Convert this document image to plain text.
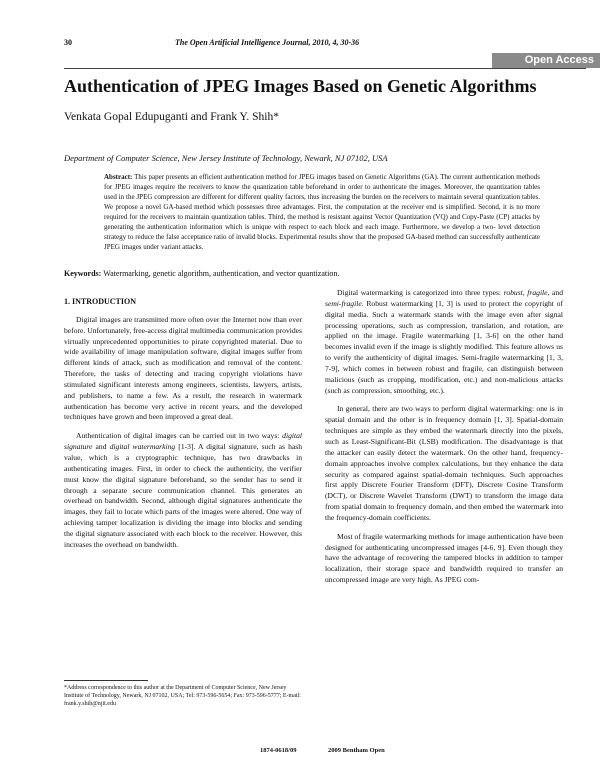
30	The Open Artificial Intelligence Journal, 2010, 4, 30-36
Open Access
Authentication of JPEG Images Based on Genetic Algorithms
Venkata Gopal Edupuganti and Frank Y. Shih*
Department of Computer Science, New Jersey Institute of Technology, Newark, NJ 07102, USA

Abstract: This paper presents an efficient authentication method for JPEG images based on Genetic Algorithms (GA). The current authentication methods for JPEG images require the receivers to know the quantization table beforehand in order to authenticate the images. Moreover, the quantization tables used in the JPEG compression are different for different quality factors, thus increasing the burden on the receivers to maintain several quantization tables. We propose a novel GA-based method which possesses three advantages. First, the computation at the receiver end is simplified. Second, it is no more required for the receivers to maintain quantization tables. Third, the method is resistant against Vector Quantization (VQ) and Copy-Paste (CP) attacks by generating the authentication information which is unique with respect to each block and each image. Furthermore, we develop a two- level detection strategy to reduce the false acceptance ratio of invalid blocks. Experimental results show that the proposed GA-based method can successfully authenticate JPEG images under variant attacks.

Keywords: Watermarking, genetic algorithm, authentication, and vector quantization.
1. INTRODUCTION

Digital images are transmitted more often over the Internet now than ever before. Unfortunately, free-access digital multimedia communication provides virtually unprecedented opportunities to pirate copyrighted material. Due to wide availability of image manipulation software, digital images suffer from different kinds of attack, such as modification and removal of the content. Therefore, the tasks of detecting and tracing copyright violations have stimulated significant interests among engineers, scientists, lawyers, artists, and publishers, to name a few. As a result, the research in watermark authentication has become very active in recent years, and the developed techniques have grown and been improved a great deal.

Authentication of digital images can be carried out in two ways: digital signature and digital watermarking [1-3]. A digital signature, such as hash value, which is a cryptographic technique, has two drawbacks in authenticating images. First, in order to check the authenticity, the verifier must know the digital signature beforehand, so the sender has to send it through a separate secure communication channel. This generates an overhead on bandwidth. Second, although digital signatures authenticate the images, they fail to locate which parts of the images were altered. One way of achieving tamper localization is dividing the image into blocks and sending the digital signature associated with each block to the receiver. However, this increases the overhead on bandwidth.

Digital watermarking is categorized into three types: robust, fragile, and semi-fragile. Robust watermarking [1, 3] is used to protect the copyright of digital media. Such a watermark stands with the image even after signal processing operations, such as compression, translation, and rotation, are applied on the image. Fragile watermarking [1, 3-6] on the other hand becomes invalid even if the image is slightly modified. This feature allows us to verify the authenticity of digital images. Semi-fragile watermarking [1, 3, 7-9], which comes in between robust and fragile, can distinguish between malicious (such as cropping, modification, etc.) and non-malicious attacks (such as compression, smoothing, etc.).

In general, there are two ways to perform digital watermarking: one is in spatial domain and the other is in frequency domain [1, 3]. Spatial-domain techniques are simple as they embed the watermark directly into the pixels, such as Least-Significant-Bit (LSB) modification. The disadvantage is that the attacker can easily detect the watermark. On the other hand, frequency-domain approaches involve complex calculations, but they enhance the data security as compared against spatial-domain techniques. Such approaches first apply Discrete Fourier Transform (DFT), Discrete Cosine Transform (DCT), or Discrete Wavelet Transform (DWT) to transform the image data from spatial domain to frequency domain, and then embed the watermark into the frequency-domain coefficients.

Most of fragile watermarking methods for image authentication have been designed for authenticating uncompressed images [4-6, 9]. Even though they have the advantage of recovering the tampered blocks in addition to tamper localization, their storage space and bandwidth required to transfer an uncompressed image are very high. As JPEG com-

*Address correspondence to this author at the Department of Computer Science, New Jersey Institute of Technology, Newark, NJ 07102, USA; Tel: 973-596-5654; Fax: 973-596-5777; E-mail: frank.y.shih@njit.edu

1874-0618/09	2009 Bentham Open
